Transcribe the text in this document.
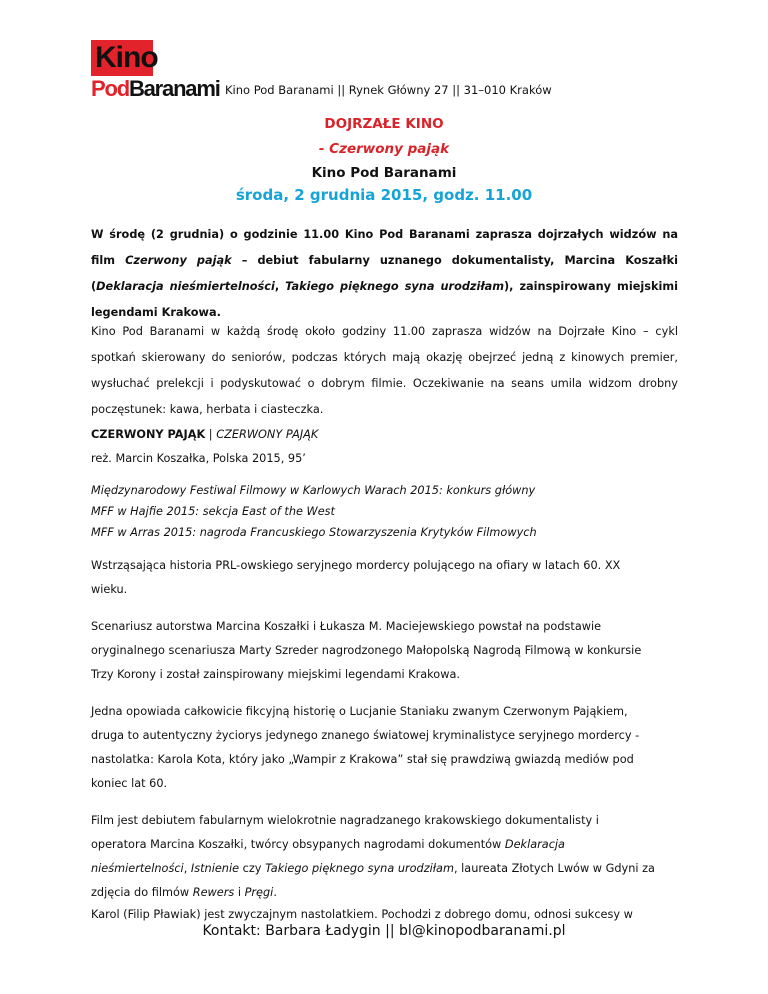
Kino
PodBaranami Kino Pod Baranami || Rynek Główny 27 || 31–010 Kraków
DOJRZAŁE KINO
- Czerwony pająk
Kino Pod Baranami
środa, 2 grudnia 2015, godz. 11.00

W środę (2 grudnia) o godzinie 11.00 Kino Pod Baranami zaprasza dojrzałych widzów na film Czerwony pająk – debiut fabularny uznanego dokumentalisty, Marcina Koszałki (Deklaracja nieśmiertelności, Takiego pięknego syna urodziłam), zainspirowany miejskimi legendami Krakowa.

Kino Pod Baranami w każdą środę około godziny 11.00 zaprasza widzów na Dojrzałe Kino – cykl spotkań skierowany do seniorów, podczas których mają okazję obejrzeć jedną z kinowych premier, wysłuchać prelekcji i podyskutować o dobrym filmie. Oczekiwanie na seans umila widzom drobny poczęstunek: kawa, herbata i ciasteczka.

CZERWONY PAJĄK | CZERWONY PAJĄK
reż. Marcin Koszałka, Polska 2015, 95’
Międzynarodowy Festiwal Filmowy w Karlowych Warach 2015: konkurs główny
MFF w Hajfie 2015: sekcja East of the West
MFF w Arras 2015: nagroda Francuskiego Stowarzyszenia Krytyków Filmowych
Wstrząsająca historia PRL-owskiego seryjnego mordercy polującego na ofiary w latach 60. XX
wieku.
Scenariusz autorstwa Marcina Koszałki i Łukasza M. Maciejewskiego powstał na podstawie
oryginalnego scenariusza Marty Szreder nagrodzonego Małopolską Nagrodą Filmową w konkursie
Trzy Korony i został zainspirowany miejskimi legendami Krakowa.
Jedna opowiada całkowicie fikcyjną historię o Lucjanie Staniaku zwanym Czerwonym Pająkiem,
druga to autentyczny życiorys jedynego znanego światowej kryminalistyce seryjnego mordercy -
nastolatka: Karola Kota, który jako „Wampir z Krakowa” stał się prawdziwą gwiazdą mediów pod
koniec lat 60.
Film jest debiutem fabularnym wielokrotnie nagradzanego krakowskiego dokumentalisty i
operatora Marcina Koszałki, twórcy obsypanych nagrodami dokumentów Deklaracja
nieśmiertelności, Istnienie czy Takiego pięknego syna urodziłam, laureata Złotych Lwów w Gdyni za
zdjęcia do filmów Rewers i Pręgi.
Karol (Filip Pławiak) jest zwyczajnym nastolatkiem. Pochodzi z dobrego domu, odnosi sukcesy w
Kontakt: Barbara Ładygin || bl@kinopodbaranami.pl
